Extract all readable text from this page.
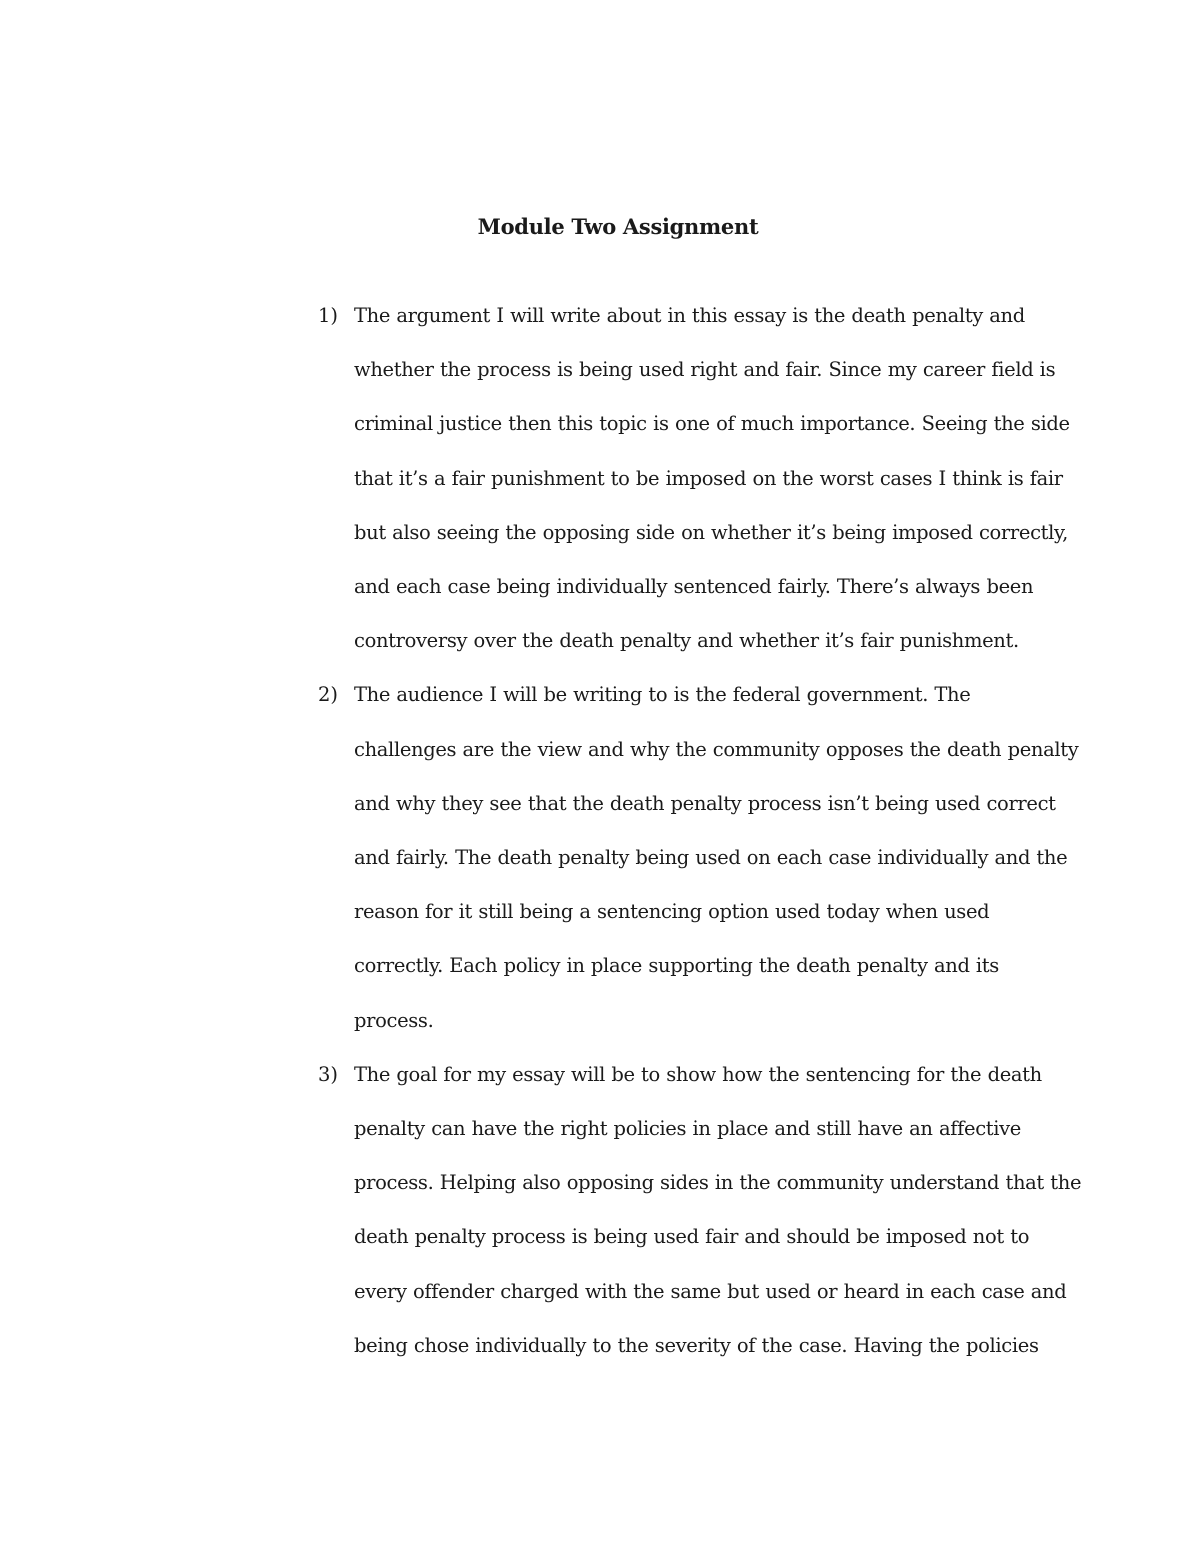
Module Two Assignment
1) The argument I will write about in this essay is the death penalty and
whether the process is being used right and fair. Since my career field is
criminal justice then this topic is one of much importance. Seeing the side
that it’s a fair punishment to be imposed on the worst cases I think is fair
but also seeing the opposing side on whether it’s being imposed correctly,
and each case being individually sentenced fairly. There’s always been
controversy over the death penalty and whether it’s fair punishment.
2) The audience I will be writing to is the federal government. The
challenges are the view and why the community opposes the death penalty
and why they see that the death penalty process isn’t being used correct
and fairly. The death penalty being used on each case individually and the
reason for it still being a sentencing option used today when used
correctly. Each policy in place supporting the death penalty and its
process.
3) The goal for my essay will be to show how the sentencing for the death
penalty can have the right policies in place and still have an affective
process. Helping also opposing sides in the community understand that the
death penalty process is being used fair and should be imposed not to
every offender charged with the same but used or heard in each case and
being chose individually to the severity of the case. Having the policies
